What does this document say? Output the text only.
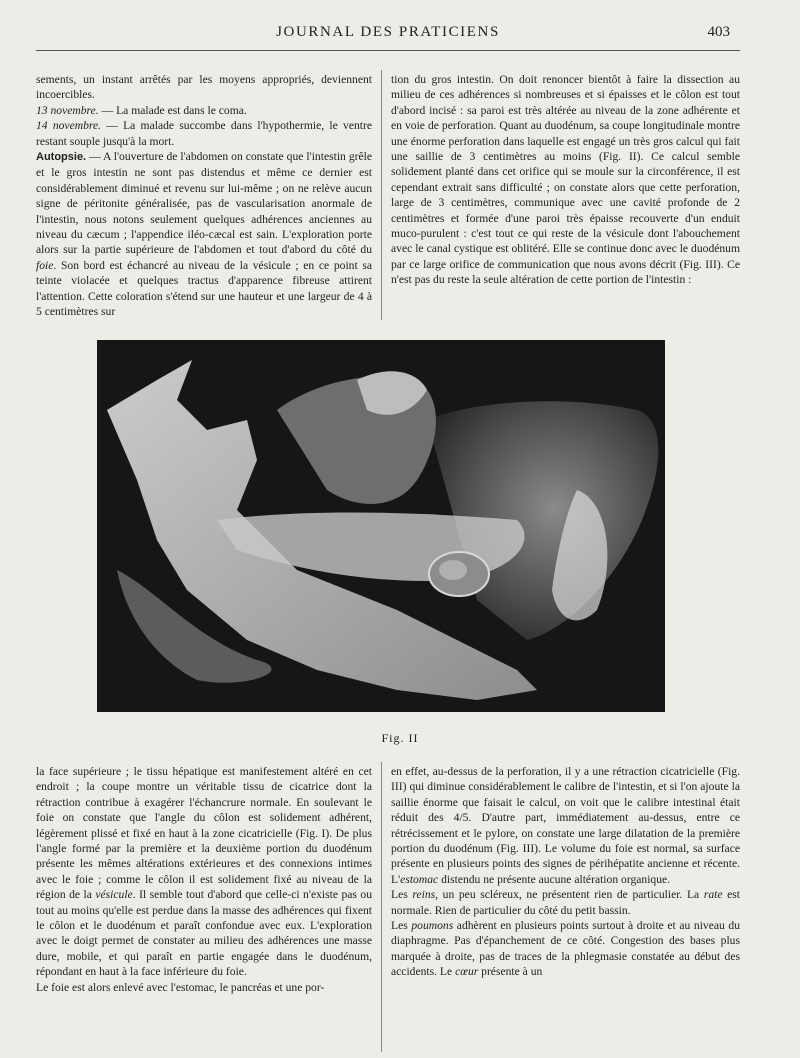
JOURNAL DES PRATICIENS	403

sements, un instant arrêtés par les moyens appropriés, deviennent incoercibles.

13 novembre. — La malade est dans le coma.

14 novembre. — La malade succombe dans l'hypothermie, le ventre restant souple jusqu'à la mort.

Autopsie. — A l'ouverture de l'abdomen on constate que l'intestin grêle et le gros intestin ne sont pas distendus et même ce dernier est considérablement diminué et revenu sur lui-même ; on ne relève aucun signe de péritonite généralisée, pas de vascularisation anormale de l'intestin, nous notons seulement quelques adhérences anciennes au niveau du cæcum ; l'appendice iléo-cæcal est sain. L'exploration porte alors sur la partie supérieure de l'abdomen et tout d'abord du côté du foie. Son bord est échancré au niveau de la vésicule ; en ce point sa teinte violacée et quelques tractus d'apparence fibreuse attirent l'attention. Cette coloration s'étend sur une hauteur et une largeur de 4 à 5 centimètres sur

tion du gros intestin. On doit renoncer bientôt à faire la dissection au milieu de ces adhérences si nombreuses et si épaisses et le côlon est tout d'abord incisé : sa paroi est très altérée au niveau de la zone adhérente et en voie de perforation. Quant au duodénum, sa coupe longitudinale montre une énorme perforation dans laquelle est engagé un très gros calcul qui fait une saillie de 3 centimètres au moins (Fig. II). Ce calcul semble solidement planté dans cet orifice qui se moule sur la circonférence, il est cependant extrait sans difficulté ; on constate alors que cette perforation, large de 3 centimètres, communique avec une cavité profonde de 2 centimètres et formée d'une paroi très épaisse recouverte d'un enduit muco-purulent : c'est tout ce qui reste de la vésicule dont l'abouchement avec le canal cystique est oblitéré. Elle se continue donc avec le duodénum par ce large orifice de communication que nous avons décrit (Fig. III). Ce n'est pas du reste la seule altération de cette portion de l'intestin :

Fig. II

la face supérieure ; le tissu hépatique est manifestement altéré en cet endroit ; la coupe montre un véritable tissu de cicatrice dont la rétraction contribue à exagérer l'échancrure normale. En soulevant le foie on constate que l'angle du côlon est solidement adhérent, légèrement plissé et fixé en haut à la zone cicatricielle (Fig. I). De plus l'angle formé par la première et la deuxième portion du duodénum présente les mêmes altérations extérieures et des connexions intimes avec le foie ; comme le côlon il est solidement fixé au niveau de la région de la vésicule. Il semble tout d'abord que celle-ci n'existe pas ou tout au moins qu'elle est perdue dans la masse des adhérences qui fixent le côlon et le duodénum et paraît confondue avec eux. L'exploration avec le doigt permet de constater au milieu des adhérences une masse dure, mobile, et qui paraît en partie engagée dans le duodénum, répondant en haut à la face inférieure du foie.

Le foie est alors enlevé avec l'estomac, le pancréas et une por-

en effet, au-dessus de la perforation, il y a une rétraction cicatricielle (Fig. III) qui diminue considérablement le calibre de l'intestin, et si l'on ajoute la saillie énorme que faisait le calcul, on voit que le calibre intestinal était réduit des 4/5. D'autre part, immédiatement au-dessus, entre ce rétrécissement et le pylore, on constate une large dilatation de la première portion du duodénum (Fig. III). Le volume du foie est normal, sa surface présente en plusieurs points des signes de périhépatite ancienne et récente. L'estomac distendu ne présente aucune altération organique.

Les reins, un peu scléreux, ne présentent rien de particulier. La rate est normale. Rien de particulier du côté du petit bassin.

Les poumons adhèrent en plusieurs points surtout à droite et au niveau du diaphragme. Pas d'épanchement de ce côté. Congestion des bases plus marquée à droite, pas de traces de la phlegmasie constatée au début des accidents. Le cœur présente à un
